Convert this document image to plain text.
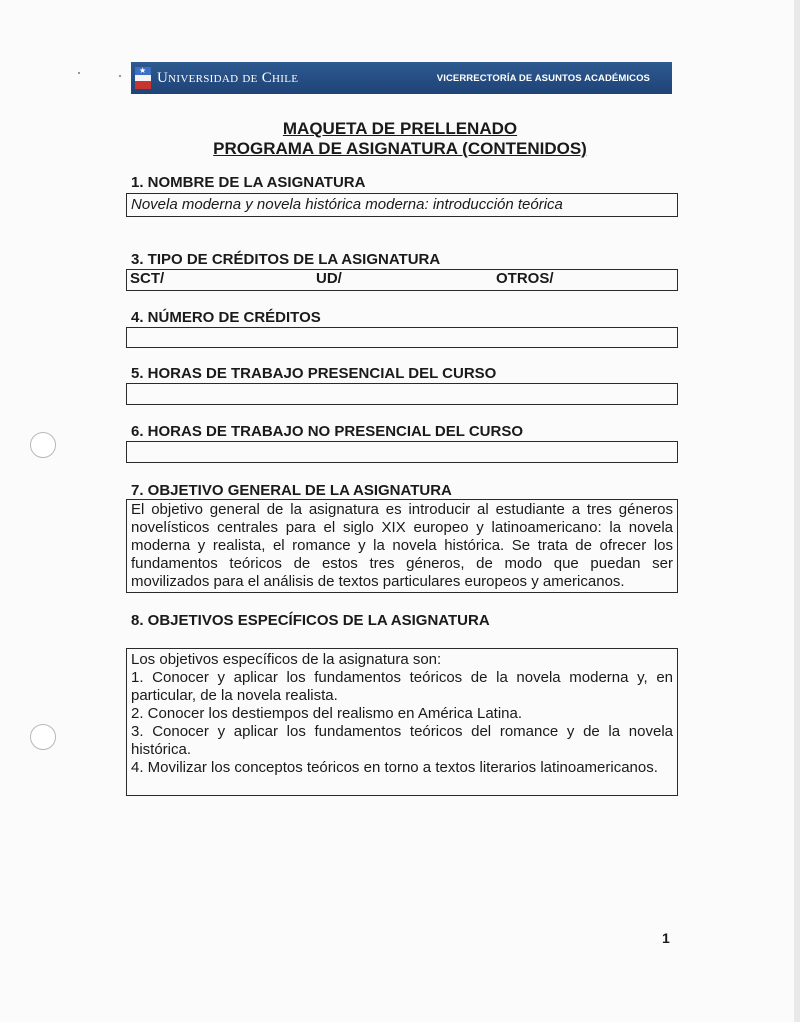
★ Universidad de Chile	VICERRECTORÍA DE ASUNTOS ACADÉMICOS
MAQUETA DE PRELLENADO
PROGRAMA DE ASIGNATURA (CONTENIDOS)
1. NOMBRE DE LA ASIGNATURA
Novela moderna y novela histórica moderna: introducción teórica
3. TIPO DE CRÉDITOS DE LA ASIGNATURA
SCT/	UD/	OTROS/
4. NÚMERO DE CRÉDITOS
5. HORAS DE TRABAJO PRESENCIAL DEL CURSO
6. HORAS DE TRABAJO NO PRESENCIAL DEL CURSO
7. OBJETIVO GENERAL DE LA ASIGNATURA
El objetivo general de la asignatura es introducir al estudiante a tres géneros novelísticos centrales para el siglo XIX europeo y latinoamericano: la novela moderna y realista, el romance y la novela histórica. Se trata de ofrecer los fundamentos teóricos de estos tres géneros, de modo que puedan ser movilizados para el análisis de textos particulares europeos y americanos.
8. OBJETIVOS ESPECÍFICOS DE LA ASIGNATURA
Los objetivos específicos de la asignatura son:
1. Conocer y aplicar los fundamentos teóricos de la novela moderna y, en particular, de la novela realista.
2. Conocer los destiempos del realismo en América Latina.
3. Conocer y aplicar los fundamentos teóricos del romance y de la novela histórica.
4. Movilizar los conceptos teóricos en torno a textos literarios latinoamericanos.
1
